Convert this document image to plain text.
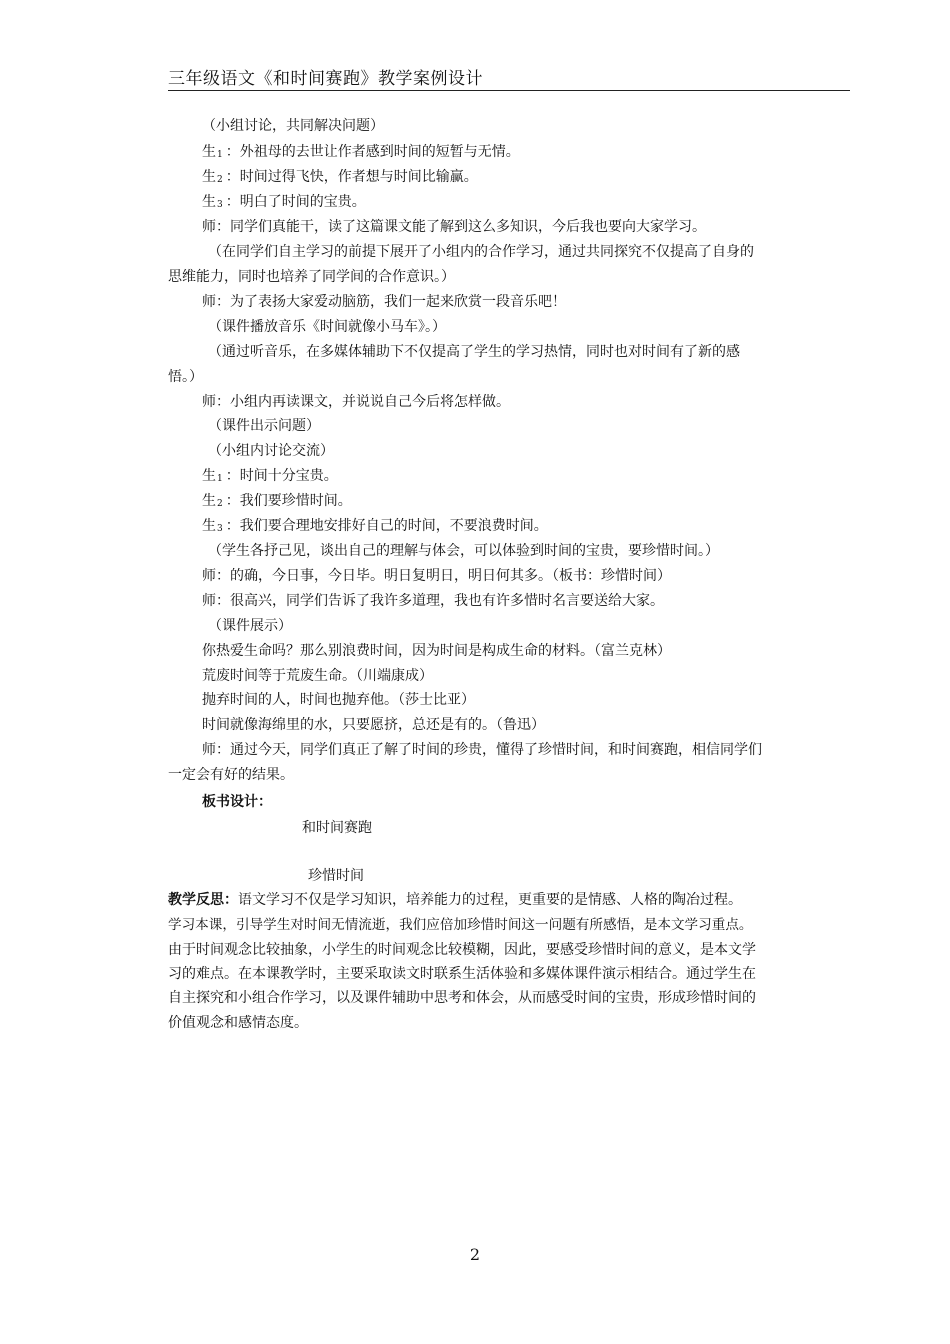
三年级语文《和时间赛跑》教学案例设计
（小组讨论，共同解决问题）
生$_1$ ：外祖母的去世让作者感到时间的短暂与无情。
生$_2$ ：时间过得飞快，作者想与时间比输赢。
生$_3$ ：明白了时间的宝贵。
师：同学们真能干，读了这篇课文能了解到这么多知识，今后我也要向大家学习。
（在同学们自主学习的前提下展开了小组内的合作学习，通过共同探究不仅提高了自身的
思维能力，同时也培养了同学间的合作意识。）
师：为了表扬大家爱动脑筋，我们一起来欣赏一段音乐吧！
（课件播放音乐《时间就像小马车》。）
（通过听音乐，在多媒体辅助下不仅提高了学生的学习热情，同时也对时间有了新的感
悟。）
师：小组内再读课文，并说说自己今后将怎样做。
（课件出示问题）
（小组内讨论交流）
生$_1$ ：时间十分宝贵。
生$_2$ ：我们要珍惜时间。
生$_3$ ：我们要合理地安排好自己的时间，不要浪费时间。
（学生各抒己见，谈出自己的理解与体会，可以体验到时间的宝贵，要珍惜时间。）
师：的确，今日事，今日毕。明日复明日，明日何其多。（板书：珍惜时间）
师：很高兴，同学们告诉了我许多道理，我也有许多惜时名言要送给大家。
（课件展示）
你热爱生命吗？那么别浪费时间，因为时间是构成生命的材料。（富兰克林）
荒废时间等于荒废生命。（川端康成）
抛弃时间的人，时间也抛弃他。（莎士比亚）
时间就像海绵里的水，只要愿挤，总还是有的。（鲁迅）
师：通过今天，同学们真正了解了时间的珍贵，懂得了珍惜时间，和时间赛跑，相信同学们
一定会有好的结果。
板书设计：
和时间赛跑
珍惜时间
教学反思：语文学习不仅是学习知识，培养能力的过程，更重要的是情感、人格的陶冶过程。
学习本课，引导学生对时间无情流逝，我们应倍加珍惜时间这一问题有所感悟，是本文学习重点。
由于时间观念比较抽象，小学生的时间观念比较模糊，因此，要感受珍惜时间的意义，是本文学
习的难点。在本课教学时，主要采取读文时联系生活体验和多媒体课件演示相结合。通过学生在
自主探究和小组合作学习，以及课件辅助中思考和体会，从而感受时间的宝贵，形成珍惜时间的
价值观念和感情态度。
2
